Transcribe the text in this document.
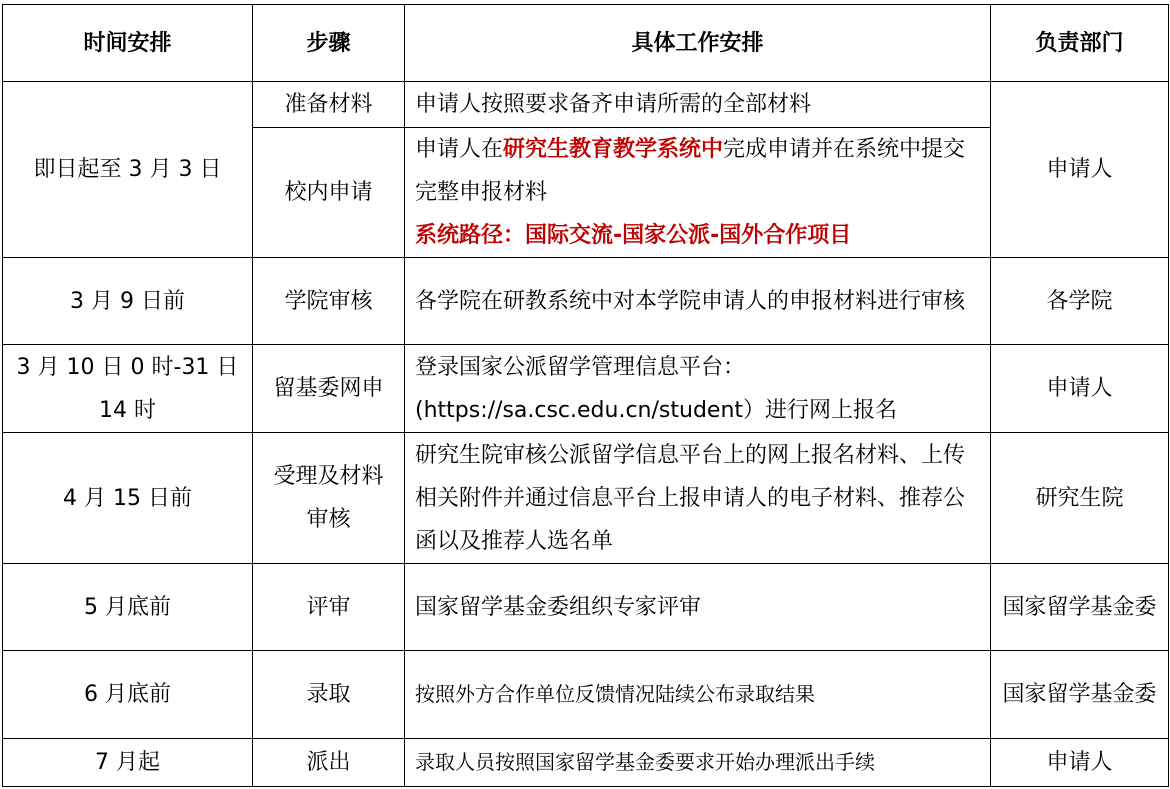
时间安排	步骤	具体工作安排	负责部门
即日起至 3 月 3 日	准备材料	申请人按照要求备齐申请所需的全部材料	申请人
	校内申请	申请人在研究生教育教学系统中完成申请并在系统中提交完整申报材料
系统路径：国际交流-国家公派-国外合作项目	
3 月 9 日前	学院审核	各学院在研教系统中对本学院申请人的申报材料进行审核	各学院
3 月 10 日 0 时-31 日 14 时	留基委网申	登录国家公派留学管理信息平台：
(https://sa.csc.edu.cn/student）进行网上报名	申请人
4 月 15 日前	受理及材料审核	研究生院审核公派留学信息平台上的网上报名材料、上传相关附件并通过信息平台上报申请人的电子材料、推荐公函以及推荐人选名单	研究生院
5 月底前	评审	国家留学基金委组织专家评审	国家留学基金委
6 月底前	录取	按照外方合作单位反馈情况陆续公布录取结果	国家留学基金委
7 月起	派出	录取人员按照国家留学基金委要求开始办理派出手续	申请人
